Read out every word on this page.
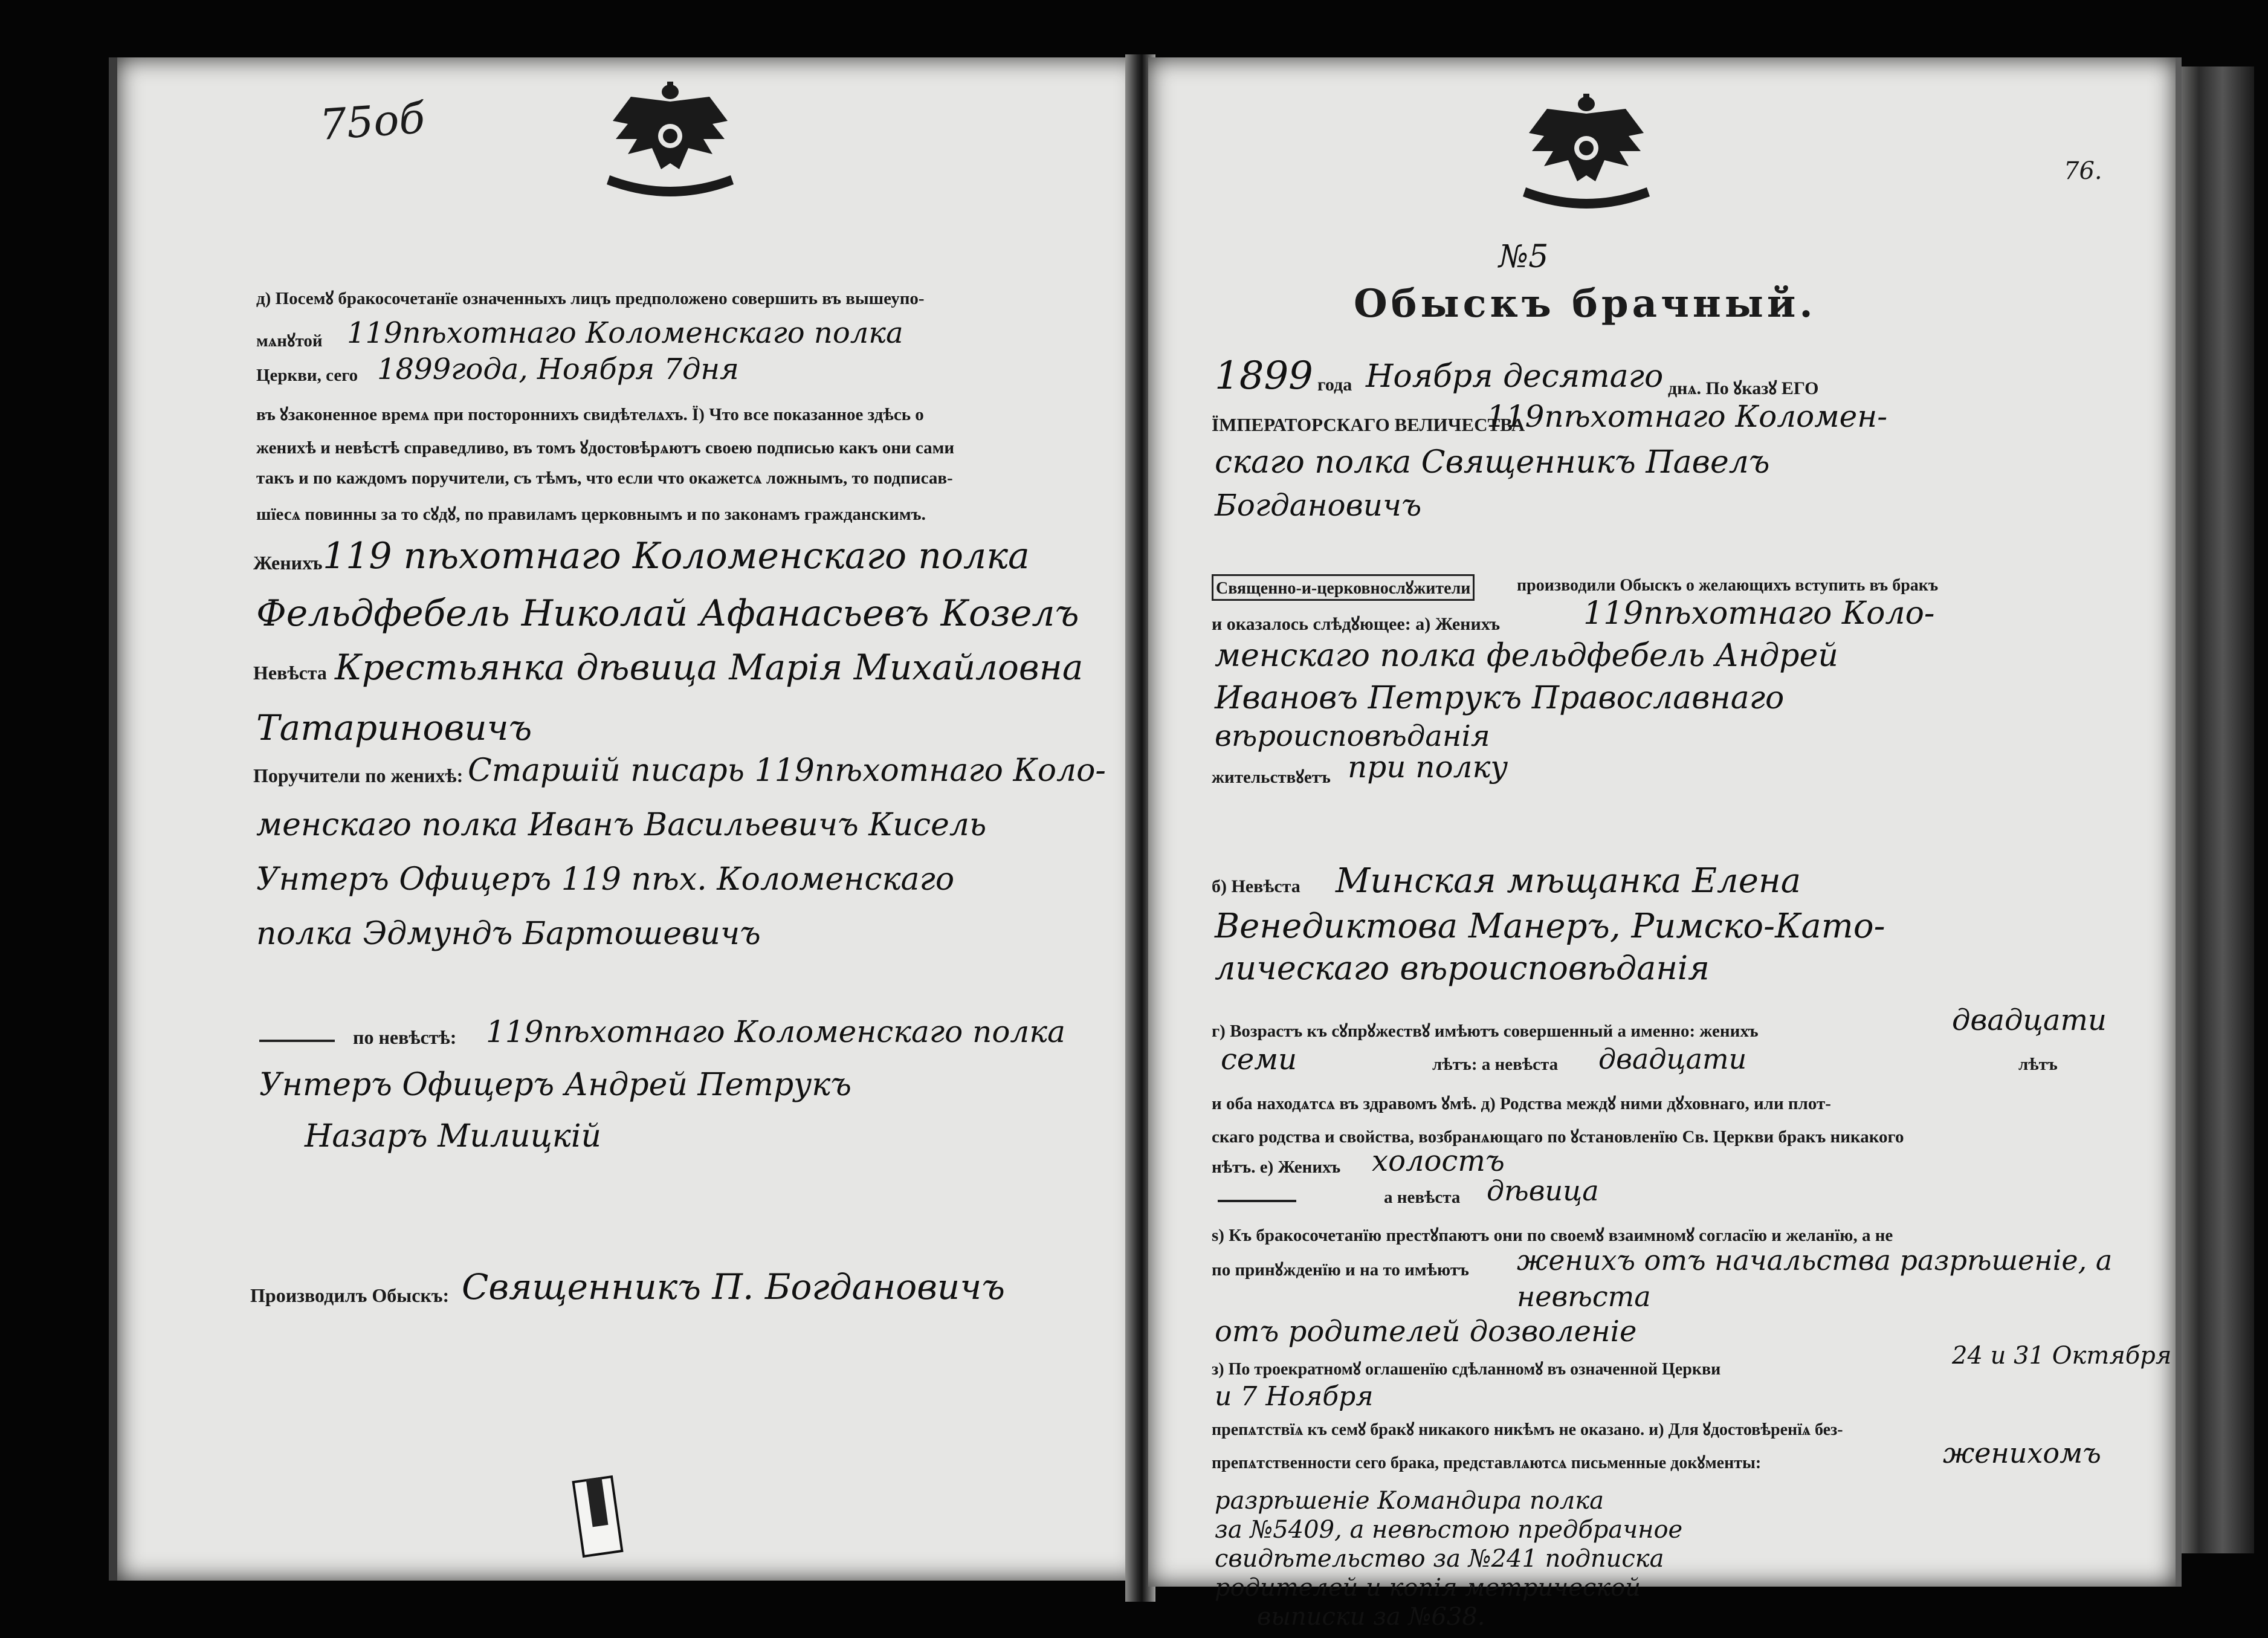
75об
д) Посемꙋ бракосочетанїе означенныхъ лицъ предположено совершить въ вышеупо-
мѧнꙋтой 119пѣхотнаго Коломенскаго полка
Церкви, сего 1899года, Ноября 7дня
въ ꙋзаконенное времѧ при постороннихъ свидѣтелѧхъ. Ї) Что все показанное здѣсь о
женихѣ и невѣстѣ справедливо, въ томъ ꙋдостовѣрѧютъ своею подписью какъ они сами
такъ и по каждомъ поручители, съ тѣмъ, что если что окажетсѧ ложнымъ, то подписав-
шїесѧ повинны за то сꙋдꙋ, по правиламъ церковнымъ и по законамъ гражданскимъ.
Женихъ 119 пѣхотнаго Коломенскаго полка
Фельдфебель Николай Афанасьевъ Козелъ
Невѣста Крестьянка дѣвица Марія Михайловна
Татариновичъ
Поручители по женихѣ: Старшій писарь 119пѣхотнаго Коло-
менскаго полка Иванъ Васильевичъ Кисель
Унтеръ Офицеръ 119 пѣх. Коломенскаго
полка Эдмундъ Бартошевичъ
по невѣстѣ: 119пѣхотнаго Коломенскаго полка
Унтеръ Офицеръ Андрей Петрукъ
Назаръ Милицкій
Производилъ Обыскъ: Священникъ П. Богдановичъ
76.
№5
Обыскъ брачный.
1899 года Ноября десятаго днѧ. По ꙋказꙋ ЕГО
ЇМПЕРАТОРСКАГО ВЕЛИЧЕСТВА
119пѣхотнаго Коломен-
скаго полка Священникъ Павелъ
Богдановичъ
Священно-и-церковнослꙋжители	производили Обыскъ о желающихъ вступить въ бракъ
и оказалось слѣдꙋющее: а) Женихъ	119пѣхотнаго Коло-
менскаго полка фельдфебель Андрей
Ивановъ Петрукъ Православнаго
вѣроисповѣданія
жительствꙋетъ при полку
б) Невѣста Минская мѣщанка Елена
Венедиктова Манеръ, Римско-Като-
лическаго вѣроисповѣданія
г) Возрастъ къ сꙋпрꙋжествꙋ имѣютъ совершенный а именно: женихъ	двадцати
семи	лѣтъ: а невѣста двадцати	лѣтъ
и оба находѧтсѧ въ здравомъ ꙋмѣ. д) Родства междꙋ ними дꙋховнаго, или плот-
скаго родства и свойства, возбранѧющаго по ꙋстановленїю Св. Церкви бракъ никакого
нѣтъ. е) Женихъ холостъ
а невѣста дѣвица
ѕ) Къ бракосочетанїю престꙋпаютъ они по своемꙋ взаимномꙋ согласїю и желанїю, а не
по принꙋжденїю и на то имѣютъ женихъ отъ начальства разрѣшеніе, а невѣста
отъ родителей дозволеніе
з) По троекратномꙋ оглашенїю сдѣланномꙋ въ означенной Церкви	24 и 31 Октября
и 7 Ноября
препѧтствїѧ къ семꙋ бракꙋ никакого никѣмъ не оказано. и) Для ꙋдостовѣренїѧ без-
препѧтственности сего брака, представлѧютсѧ письменные докꙋменты:	женихомъ
разрѣшеніе Командира полка
за №5409, а невѣстою предбрачное
свидѣтельство за №241 подписка
родителей и копія метрической
выписки за №638.
